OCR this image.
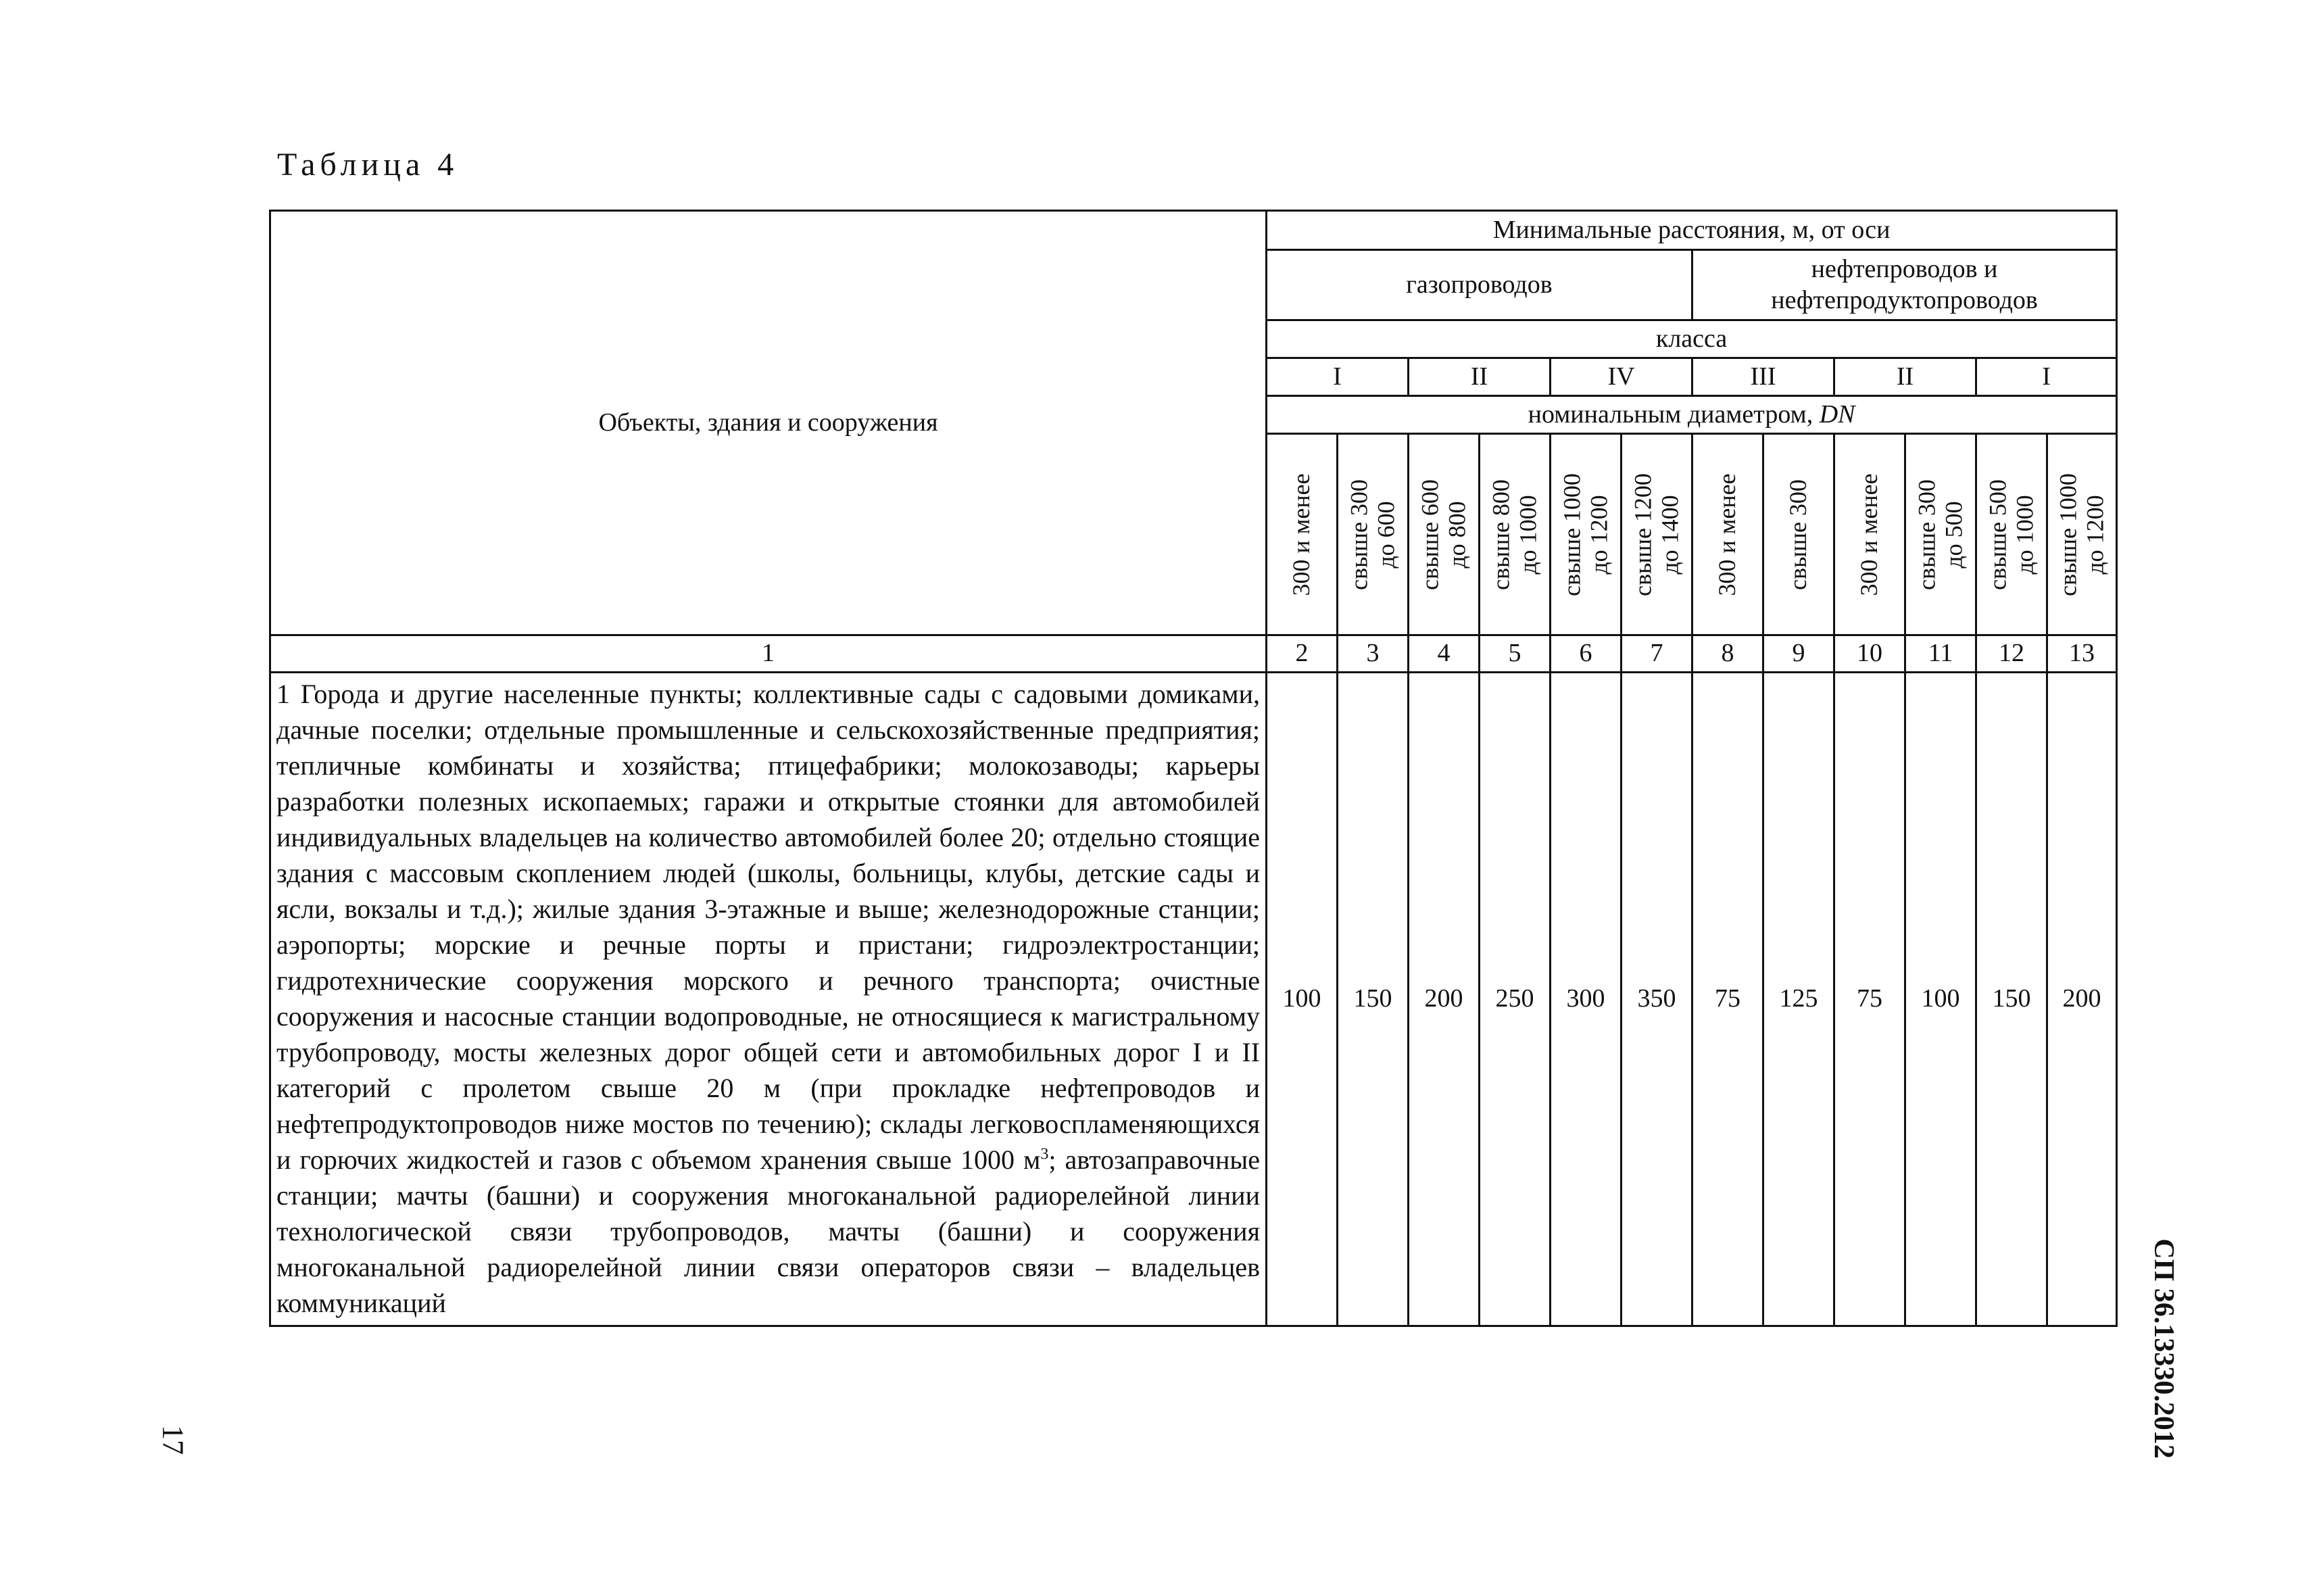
Таблица 4
Объекты, здания и сооружения	Минимальные расстояния, м, от оси											
	газопроводов						нефтепроводов и нефтепродуктопроводов					
	класса											
	I		II		IV		III		II		I	
	номинальным диаметром, DN											

	300 и менее	свыше 300 до 600	свыше 600 до 800	свыше 800 до 1000	свыше 1000 до 1200	свыше 1200 до 1400	300 и менее	свыше 300	300 и менее	свыше 300 до 500	свыше 500 до 1000	свыше 1000 до 1200

1	2	3	4	5	6	7	8	9	10	11	12	13

1 Города и другие населенные пункты; коллективные сады с садовыми домиками, дачные поселки; отдельные промышленные и сельскохозяйственные предприятия; тепличные комбинаты и хозяйства; птицефабрики; молокозаводы; карьеры разработки полезных ископаемых; гаражи и открытые стоянки для автомобилей индивидуальных владельцев на количество автомобилей более 20; отдельно стоящие здания с массовым скоплением людей (школы, больницы, клубы, детские сады и ясли, вокзалы и т.д.); жилые здания 3-этажные и выше; железнодорожные станции; аэропорты; морские и речные порты и пристани; гидроэлектростанции; гидротехнические сооружения морского и речного транспорта; очистные сооружения и насосные станции водопроводные, не относящиеся к магистральному трубопроводу, мосты железных дорог общей сети и автомобильных дорог I и II категорий с пролетом свыше 20 м (при прокладке нефтепроводов и нефтепродуктопроводов ниже мостов по течению); склады легковоспламеняющихся и горючих жидкостей и газов с объемом хранения свыше 1000 $м^3$; автозаправочные станции; мачты (башни) и сооружения многоканальной радиорелейной линии технологической связи трубопроводов, мачты (башни) и сооружения многоканальной радиорелейной линии связи операторов связи – владельцев коммуникаций	100	150	200	250	300	350	75	125	75	100	150	200
СП 36.13330.2012
17
